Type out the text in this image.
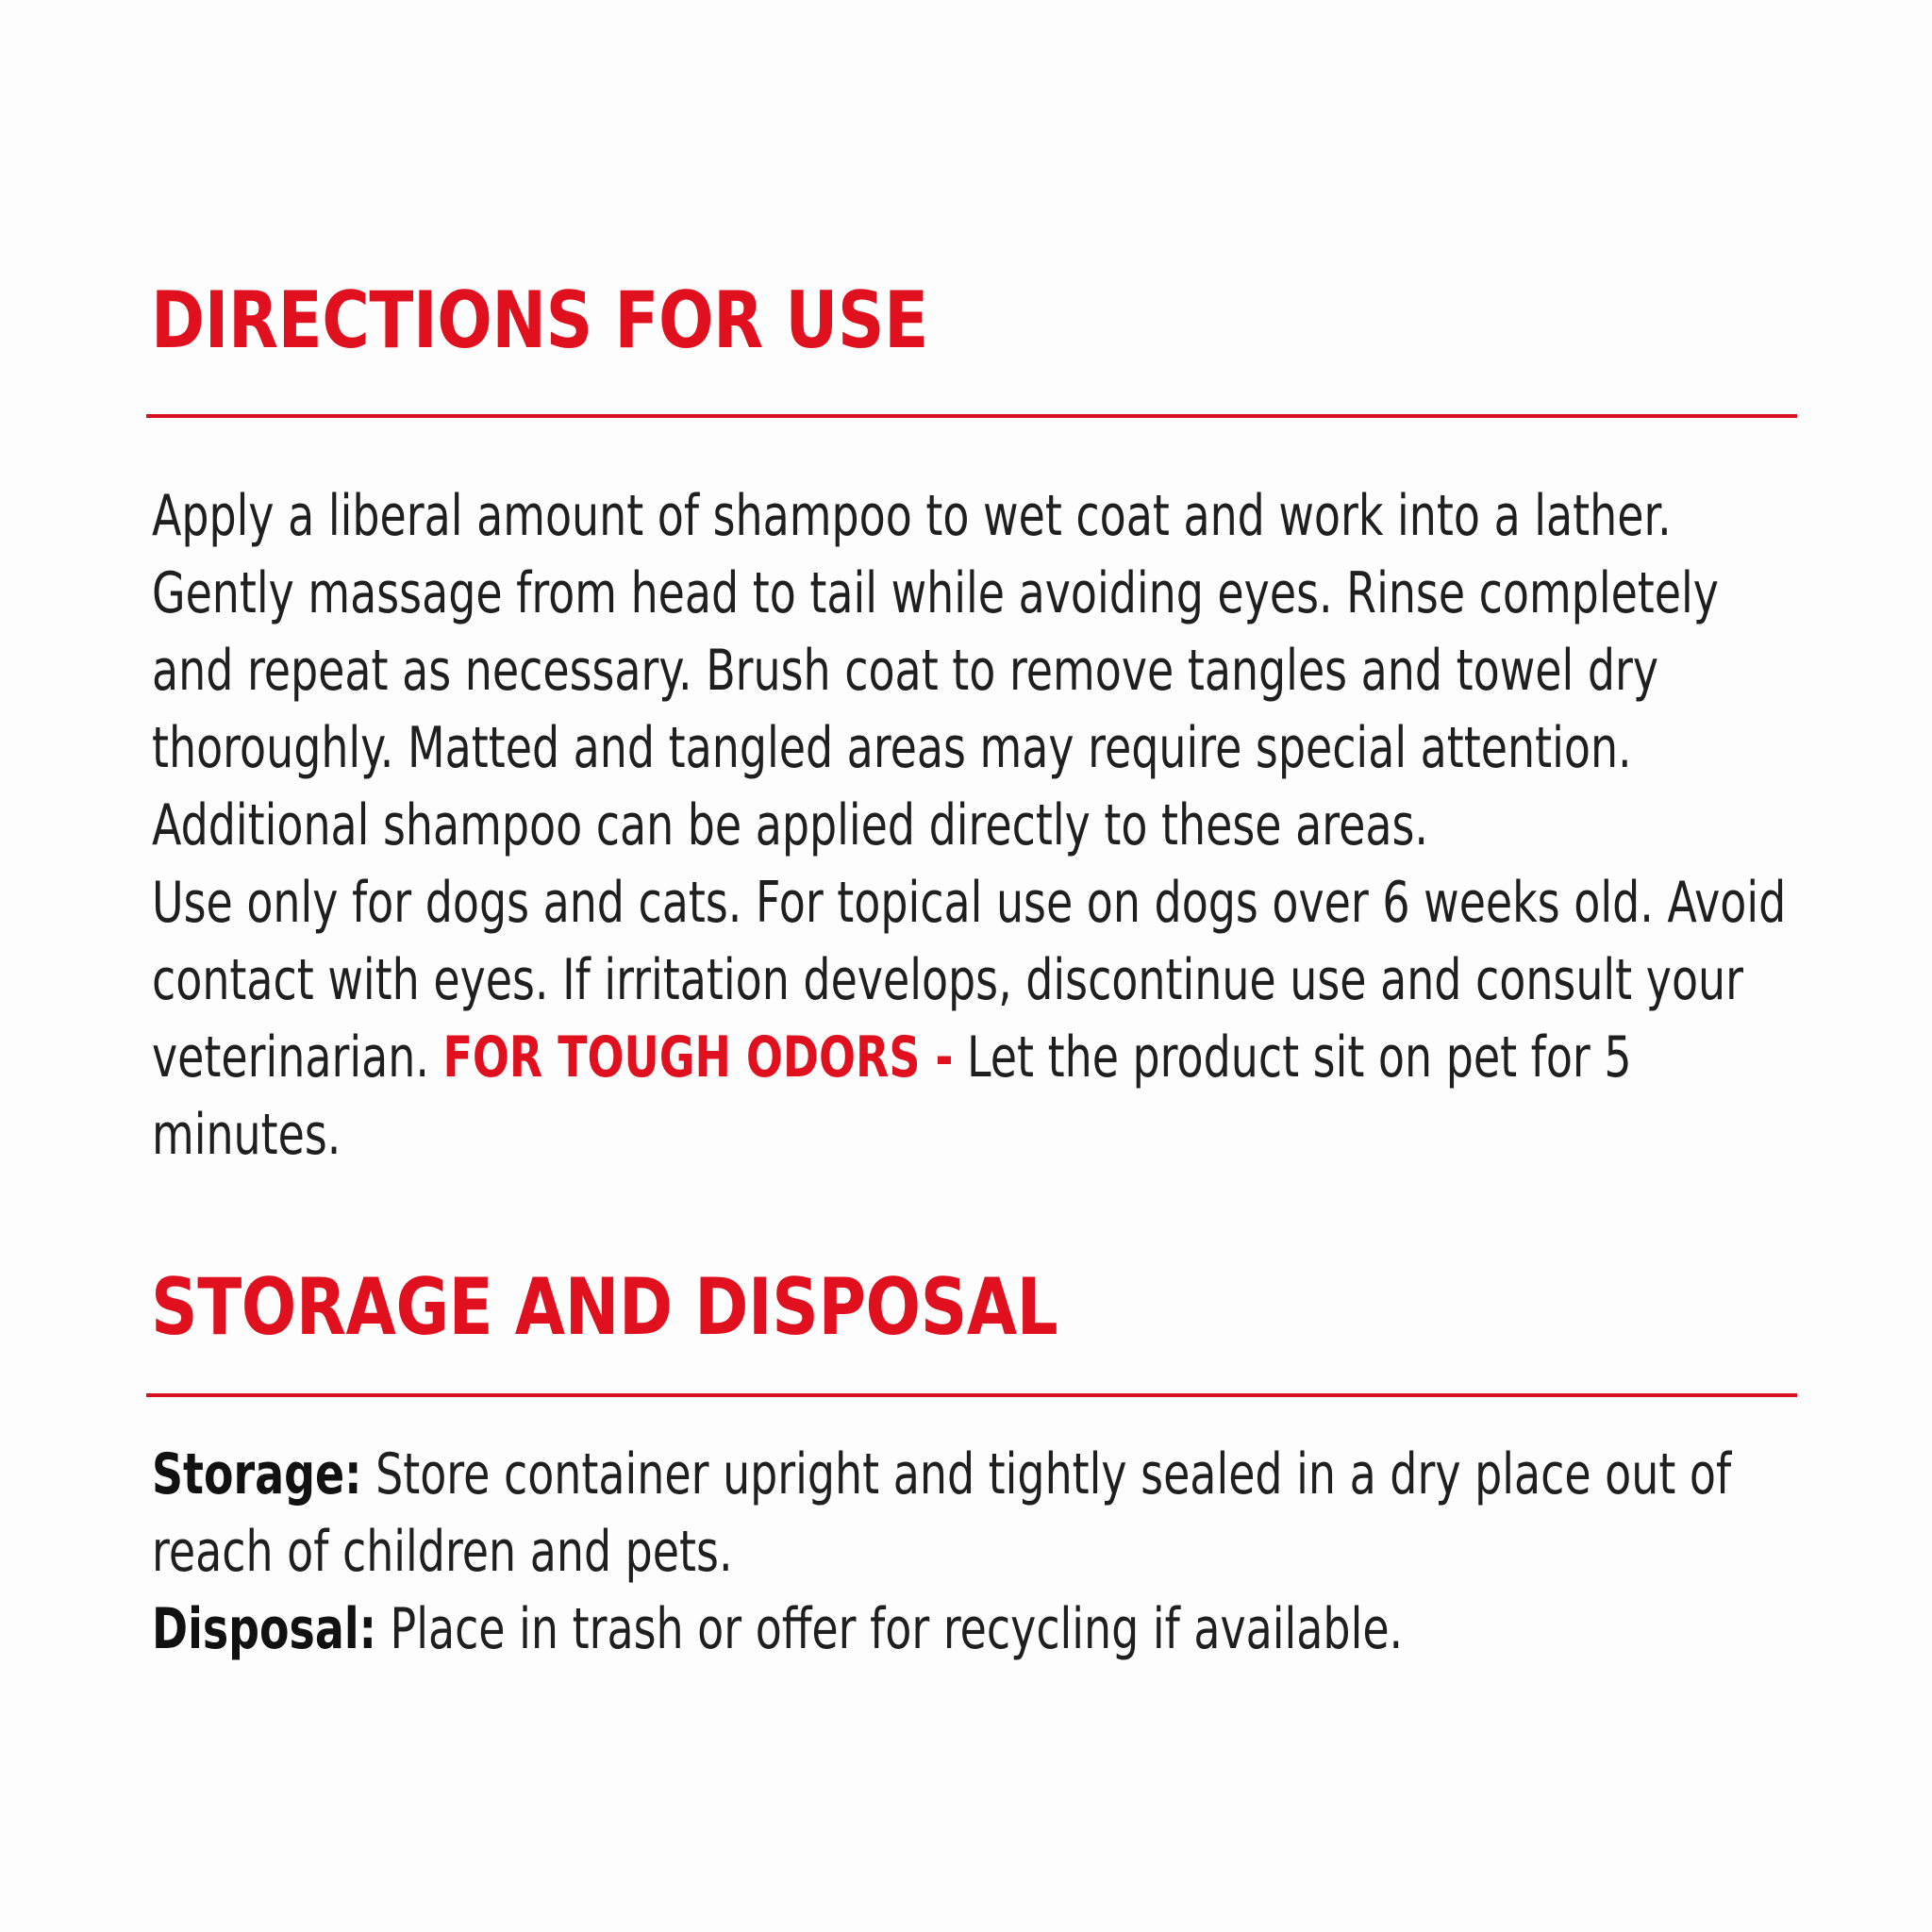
DIRECTIONS FOR USE
Apply a liberal amount of shampoo to wet coat and work into a lather.
Gently massage from head to tail while avoiding eyes. Rinse completely
and repeat as necessary. Brush coat to remove tangles and towel dry
thoroughly. Matted and tangled areas may require special attention.
Additional shampoo can be applied directly to these areas.
Use only for dogs and cats. For topical use on dogs over 6 weeks old. Avoid
contact with eyes. If irritation develops, discontinue use and consult your
veterinarian. FOR TOUGH ODORS - Let the product sit on pet for 5
minutes.
STORAGE AND DISPOSAL
Storage: Store container upright and tightly sealed in a dry place out of
reach of children and pets.
Disposal: Place in trash or offer for recycling if available.
